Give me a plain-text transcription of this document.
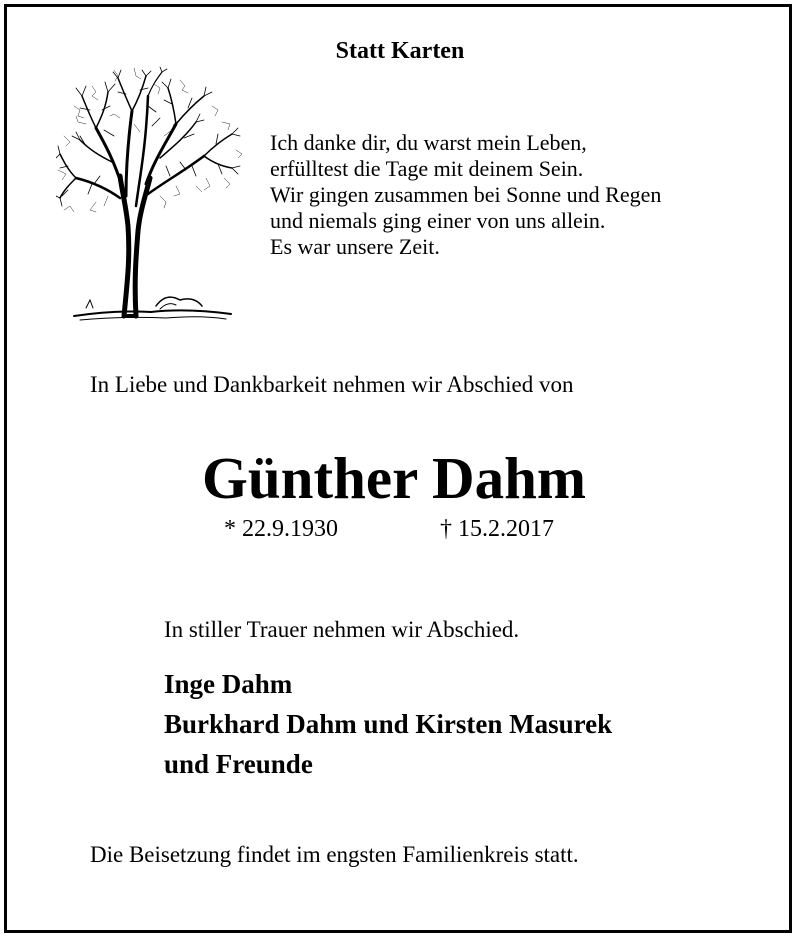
Statt Karten
Ich danke dir, du warst mein Leben,
erfülltest die Tage mit deinem Sein.
Wir gingen zusammen bei Sonne und Regen
und niemals ging einer von uns allein.
Es war unsere Zeit.
In Liebe und Dankbarkeit nehmen wir Abschied von
Günther Dahm
* 22.9.1930	† 15.2.2017
In stiller Trauer nehmen wir Abschied.
Inge Dahm
Burkhard Dahm und Kirsten Masurek
und Freunde
Die Beisetzung findet im engsten Familienkreis statt.
